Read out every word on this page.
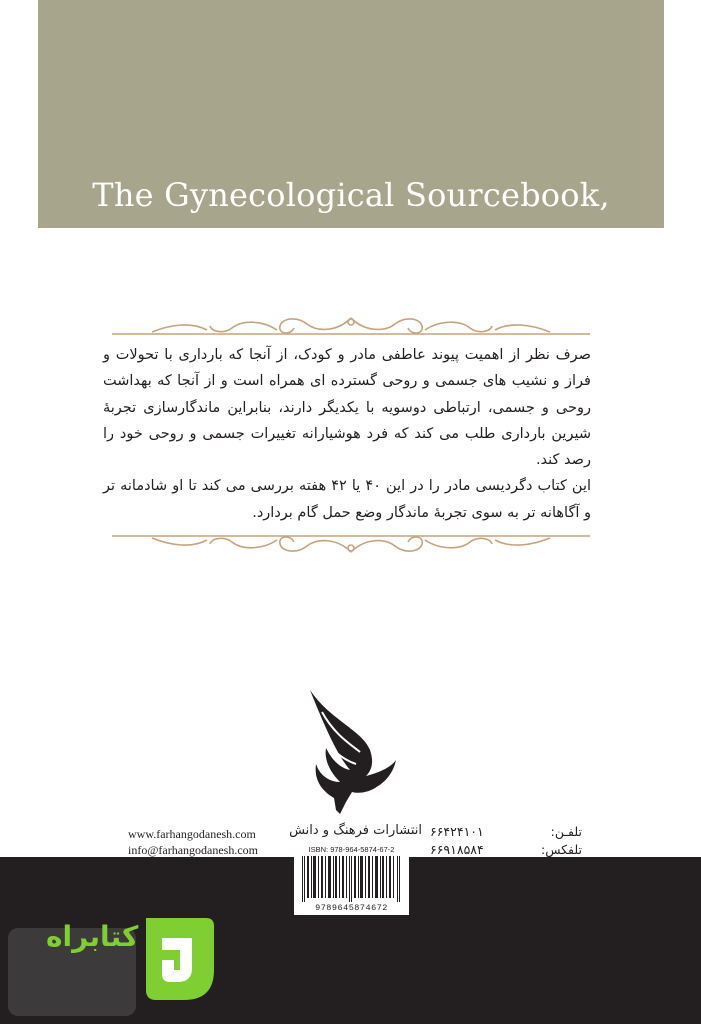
The Gynecological Sourcebook,

صرف نظر از اهمیت پیوند عاطفی مادر و کودک، از آنجا که بارداری با تحولات و فراز و نشیب های جسمی و روحی گسترده ای همراه است و از آنجا که بهداشت روحی و جسمی، ارتباطی دوسویه با یکدیگر دارند، بنابراین ماندگارسازی تجربهٔ شیرین بارداری طلب می کند که فرد هوشیارانه تغییرات جسمی و روحی خود را رصد کند.

این کتاب دگردیسی مادر را در این ۴۰ یا ۴۲ هفته بررسی می کند تا او شادمانه تر و آگاهانه تر به سوی تجربهٔ ماندگار وضع حمل گام بردارد.

انتشارات فرهنگ و دانش
www.farhangodanesh.com
info@farhangodanesh.com
تلفـن:
۶۶۴۲۴۱۰۱
تلفکس:
۶۶۹۱۸۵۸۴
ISBN: 978-964-5874-67-2
9789645874672
کتابراه
